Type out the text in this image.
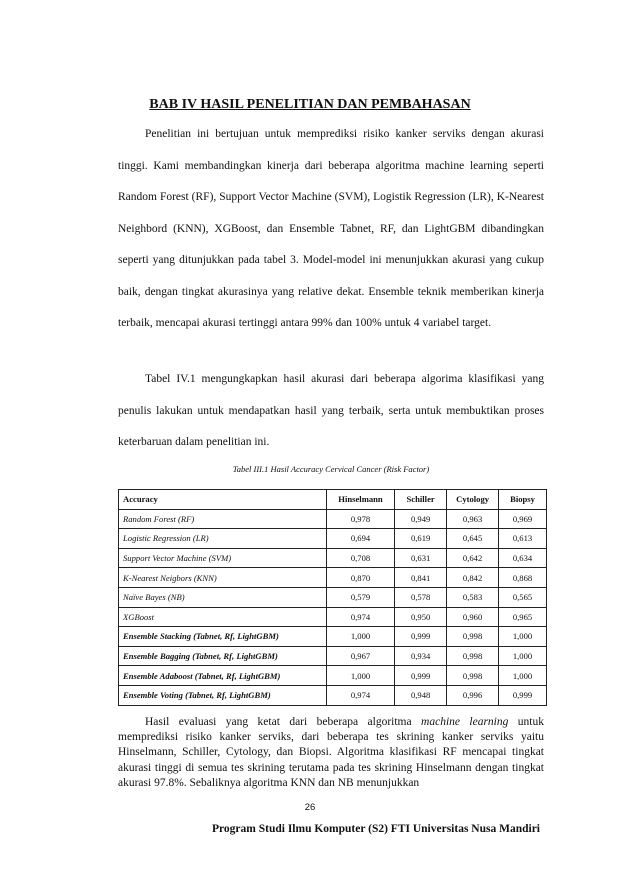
BAB IV HASIL PENELITIAN DAN PEMBAHASAN

Penelitian ini bertujuan untuk memprediksi risiko kanker serviks dengan akurasi tinggi. Kami membandingkan kinerja dari beberapa algoritma machine learning seperti Random Forest (RF), Support Vector Machine (SVM), Logistik Regression (LR), K-Nearest Neighbord (KNN), XGBoost, dan Ensemble Tabnet, RF, dan LightGBM dibandingkan seperti yang ditunjukkan pada tabel 3. Model-model ini menunjukkan akurasi yang cukup baik, dengan tingkat akurasinya yang relative dekat. Ensemble teknik memberikan kinerja terbaik, mencapai akurasi tertinggi antara 99% dan 100% untuk 4 variabel target.

Tabel IV.1 mengungkapkan hasil akurasi dari beberapa algorima klasifikasi yang penulis lakukan untuk mendapatkan hasil yang terbaik, serta untuk membuktikan proses keterbaruan dalam penelitian ini.

Tabel III.1 Hasil Accuracy Cervical Cancer (Risk Factor)
Accuracy	Hinselmann	Schiller	Cytology	Biopsy
Random Forest (RF)	0,978	0,949	0,963	0,969
Logistic Regression (LR)	0,694	0,619	0,645	0,613
Support Vector Machine (SVM)	0,708	0,631	0,642	0,634
K-Nearest Neigbors (KNN)	0,870	0,841	0,842	0,868
Naïve Bayes (NB)	0,579	0,578	0,583	0,565
XGBoost	0,974	0,950	0,960	0,965
Ensemble Stacking (Tabnet, Rf, LightGBM)	1,000	0,999	0,998	1,000
Ensemble Bagging (Tabnet, Rf, LightGBM)	0,967	0,934	0,998	1,000
Ensemble Adaboost (Tabnet, Rf, LightGBM)	1,000	0,999	0,998	1,000
Ensemble Voting (Tabnet, Rf, LightGBM)	0,974	0,948	0,996	0,999

Hasil evaluasi yang ketat dari beberapa algoritma machine learning untuk memprediksi risiko kanker serviks, dari beberapa tes skrining kanker serviks yaitu Hinselmann, Schiller, Cytology, dan Biopsi. Algoritma klasifikasi RF mencapai tingkat akurasi tinggi di semua tes skrining terutama pada tes skrining Hinselmann dengan tingkat akurasi 97.8%. Sebaliknya algoritma KNN dan NB menunjukkan

26
Program Studi Ilmu Komputer (S2) FTI Universitas Nusa Mandiri
